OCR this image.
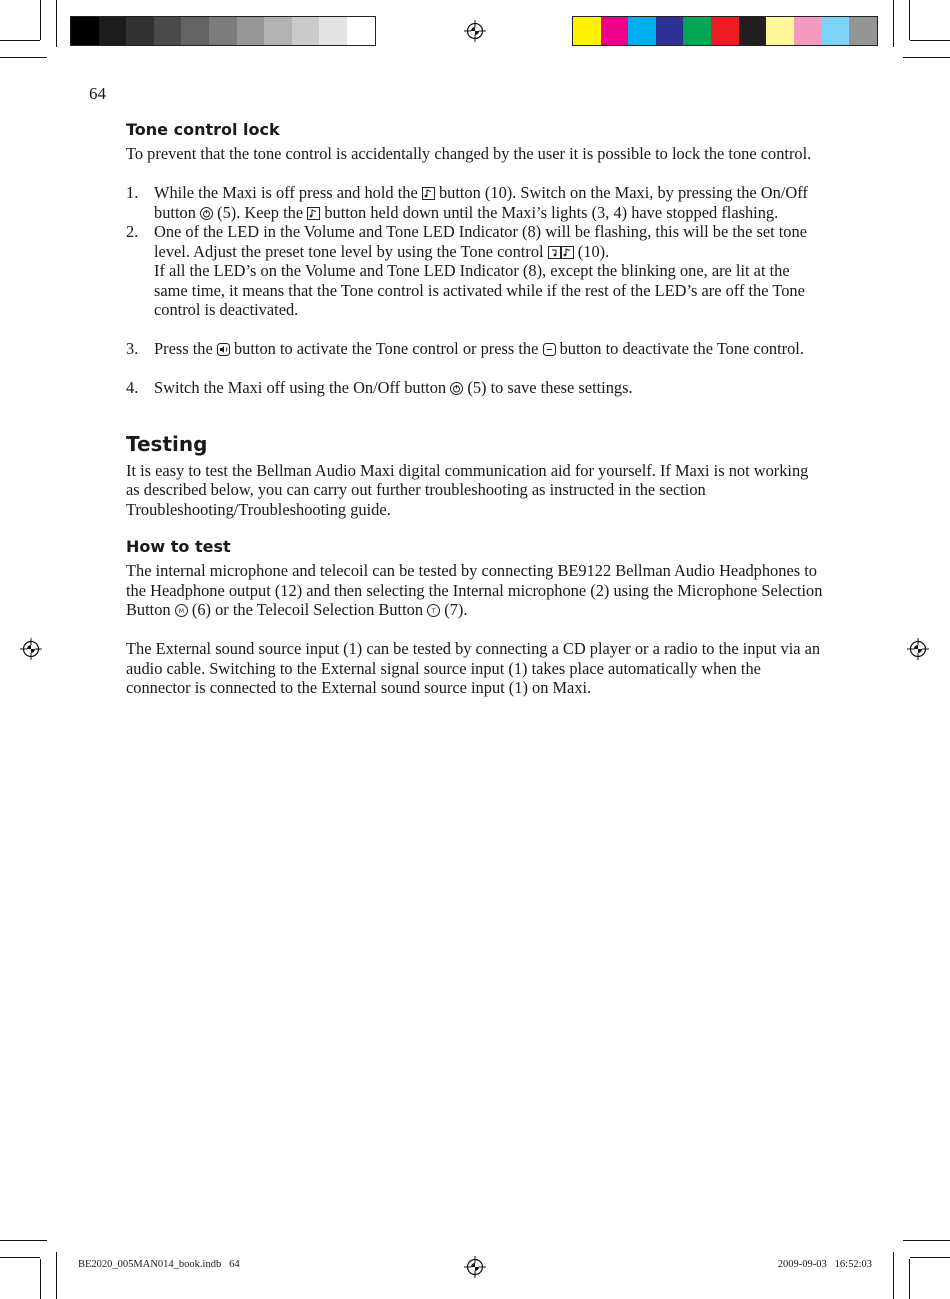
64
Tone control lock

To prevent that the tone control is accidentally changed by the user it is possible to lock the tone control.

1. While the Maxi is off press and hold the button (10). Switch on the Maxi, by pressing the On/Off button (5). Keep the button held down until the Maxi’s lights (3, 4) have stopped flashing.
2. One of the LED in the Volume and Tone LED Indicator (8) will be flashing, this will be the set tone level. Adjust the preset tone level by using the Tone control (10).
If all the LED’s on the Volume and Tone LED Indicator (8), except the blinking one, are lit at the same time, it means that the Tone control is activated while if the rest of the LED’s are off the Tone control is deactivated.
3. Press the button to activate the Tone control or press the button to deactivate the Tone control.
4. Switch the Maxi off using the On/Off button (5) to save these settings.
Testing

It is easy to test the Bellman Audio Maxi digital communication aid for yourself. If Maxi is not working as described below, you can carry out further troubleshooting as instructed in the section Troubleshooting/Troubleshooting guide.

How to test

The internal microphone and telecoil can be tested by connecting BE9122 Bellman Audio Headphones to the Headphone output (12) and then selecting the Internal microphone (2) using the Microphone Selection Button M (6) or the Telecoil Selection Button T (7).

The External sound source input (1) can be tested by connecting a CD player or a radio to the input via an audio cable. Switching to the External signal source input (1) takes place automatically when the connector is connected to the External sound source input (1) on Maxi.

BE2020_005MAN014_book.indb   64	2009-09-03   16:52:03
